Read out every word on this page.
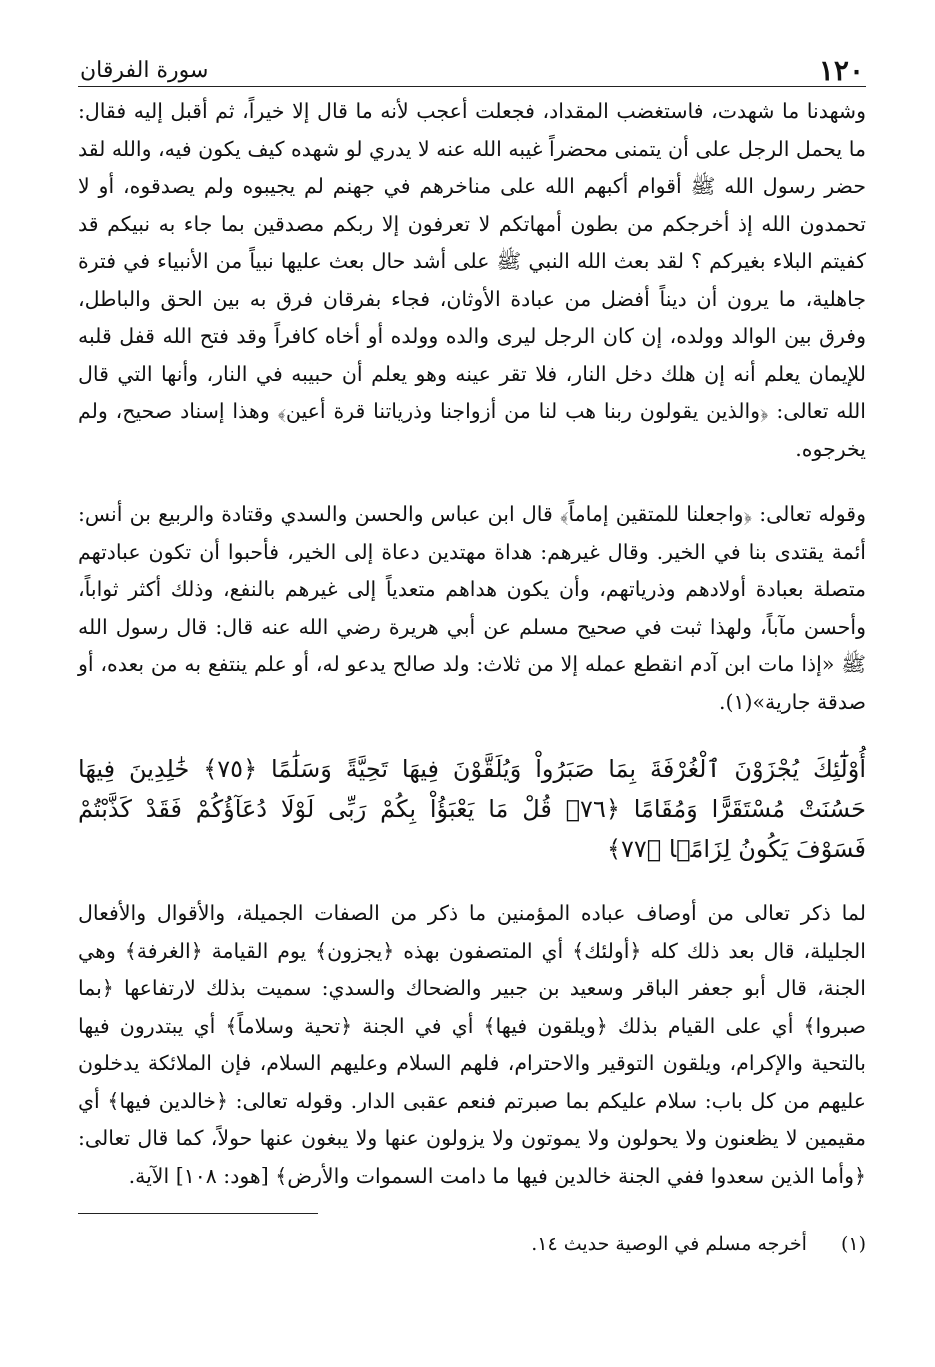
١٢٠
سورة الفرقان

وشهدنا ما شهدت، فاستغضب المقداد، فجعلت أعجب لأنه ما قال إلا خيراً، ثم أقبل إليه فقال: ما يحمل الرجل على أن يتمنى محضراً غيبه الله عنه لا يدري لو شهده كيف يكون فيه، والله لقد حضر رسول الله ﷺ أقوام أكبهم الله على مناخرهم في جهنم لم يجيبوه ولم يصدقوه، أو لا تحمدون الله إذ أخرجكم من بطون أمهاتكم لا تعرفون إلا ربكم مصدقين بما جاء به نبيكم قد كفيتم البلاء بغيركم ؟ لقد بعث الله النبي ﷺ على أشد حال بعث عليها نبياً من الأنبياء في فترة جاهلية، ما يرون أن ديناً أفضل من عبادة الأوثان، فجاء بفرقان فرق به بين الحق والباطل، وفرق بين الوالد وولده، إن كان الرجل ليرى والده وولده أو أخاه كافراً وقد فتح الله قفل قلبه للإيمان يعلم أنه إن هلك دخل النار، فلا تقر عينه وهو يعلم أن حبيبه في النار، وأنها التي قال الله تعالى: ﴿والذين يقولون ربنا هب لنا من أزواجنا وذرياتنا قرة أعين﴾ وهذا إسناد صحيح، ولم يخرجوه.

وقوله تعالى: ﴿واجعلنا للمتقين إماماً﴾ قال ابن عباس والحسن والسدي وقتادة والربيع بن أنس: أئمة يقتدى بنا في الخير. وقال غيرهم: هداة مهتدين دعاة إلى الخير، فأحبوا أن تكون عبادتهم متصلة بعبادة أولادهم وذرياتهم، وأن يكون هداهم متعدياً إلى غيرهم بالنفع، وذلك أكثر ثواباً، وأحسن مآباً، ولهذا ثبت في صحيح مسلم عن أبي هريرة رضي الله عنه قال: قال رسول الله ﷺ «إذا مات ابن آدم انقطع عمله إلا من ثلاث: ولد صالح يدعو له، أو علم ينتفع به من بعده، أو صدقة جارية»(١).

أُوْلَٰٓئِكَ يُجْزَوْنَ ٱلْغُرْفَةَ بِمَا صَبَرُواْ وَيُلَقَّوْنَ فِيهَا تَحِيَّةً وَسَلَٰمًا ﴿٧٥﴾ خَٰلِدِينَ فِيهَا حَسُنَتْ مُسْتَقَرًّا وَمُقَامًا ﴿٧٦﴾ قُلْ مَا يَعْبَؤُاْ بِكُمْ رَبِّى لَوْلَا دُعَآؤُكُمْ فَقَدْ كَذَّبْتُمْ فَسَوْفَ يَكُونُ لِزَامًۢا ﴿٧٧﴾

لما ذكر تعالى من أوصاف عباده المؤمنين ما ذكر من الصفات الجميلة، والأقوال والأفعال الجليلة، قال بعد ذلك كله ﴿أولئك﴾ أي المتصفون بهذه ﴿يجزون﴾ يوم القيامة ﴿الغرفة﴾ وهي الجنة، قال أبو جعفر الباقر وسعيد بن جبير والضحاك والسدي: سميت بذلك لارتفاعها ﴿بما صبروا﴾ أي على القيام بذلك ﴿ويلقون فيها﴾ أي في الجنة ﴿تحية وسلاماً﴾ أي يبتدرون فيها بالتحية والإكرام، ويلقون التوقير والاحترام، فلهم السلام وعليهم السلام، فإن الملائكة يدخلون عليهم من كل باب: سلام عليكم بما صبرتم فنعم عقبى الدار. وقوله تعالى: ﴿خالدين فيها﴾ أي مقيمين لا يظعنون ولا يحولون ولا يموتون ولا يزولون عنها ولا يبغون عنها حولاً، كما قال تعالى: ﴿وأما الذين سعدوا ففي الجنة خالدين فيها ما دامت السموات والأرض﴾ [هود: ١٠٨] الآية.

(١) أخرجه مسلم في الوصية حديث ١٤.
